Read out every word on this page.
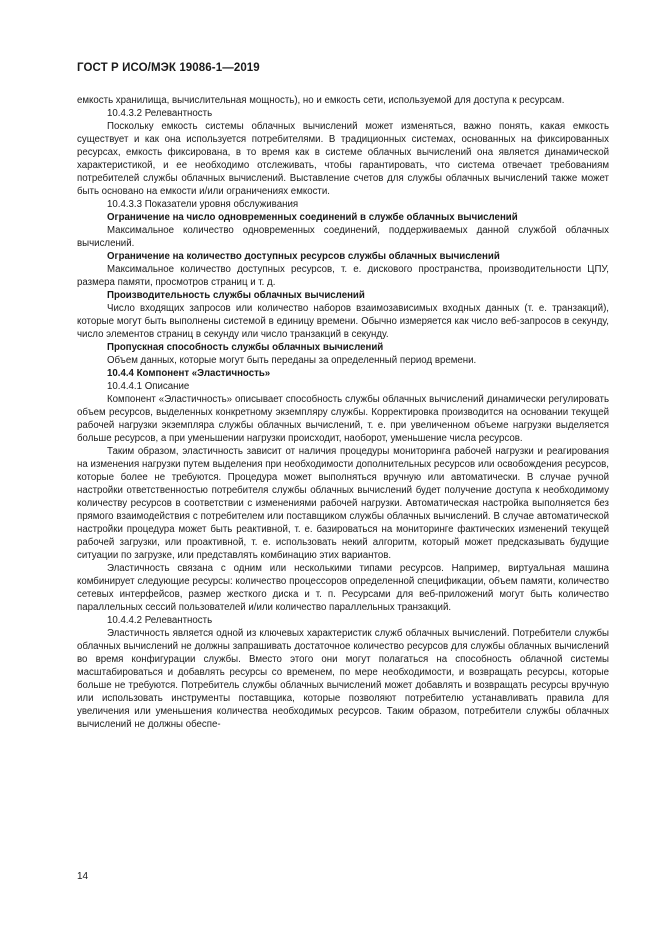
ГОСТ Р ИСО/МЭК 19086-1—2019

емкость хранилища, вычислительная мощность), но и емкость сети, используемой для доступа к ресурсам.

10.4.3.2 Релевантность

Поскольку емкость системы облачных вычислений может изменяться, важно понять, какая емкость существует и как она используется потребителями. В традиционных системах, основанных на фиксированных ресурсах, емкость фиксирована, в то время как в системе облачных вычислений она является динамической характеристикой, и ее необходимо отслеживать, чтобы гарантировать, что система отвечает требованиям потребителей службы облачных вычислений. Выставление счетов для службы облачных вычислений также может быть основано на емкости и/или ограничениях емкости.

10.4.3.3 Показатели уровня обслуживания

Ограничение на число одновременных соединений в службе облачных вычислений

Максимальное количество одновременных соединений, поддерживаемых данной службой облачных вычислений.

Ограничение на количество доступных ресурсов службы облачных вычислений

Максимальное количество доступных ресурсов, т. е. дискового пространства, производительности ЦПУ, размера памяти, просмотров страниц и т. д.

Производительность службы облачных вычислений

Число входящих запросов или количество наборов взаимозависимых входных данных (т. е. транзакций), которые могут быть выполнены системой в единицу времени. Обычно измеряется как число веб-запросов в секунду, число элементов страниц в секунду или число транзакций в секунду.

Пропускная способность службы облачных вычислений

Объем данных, которые могут быть переданы за определенный период времени.

10.4.4 Компонент «Эластичность»

10.4.4.1 Описание

Компонент «Эластичность» описывает способность службы облачных вычислений динамически регулировать объем ресурсов, выделенных конкретному экземпляру службы. Корректировка производится на основании текущей рабочей нагрузки экземпляра службы облачных вычислений, т. е. при увеличенном объеме нагрузки выделяется больше ресурсов, а при уменьшении нагрузки происходит, наоборот, уменьшение числа ресурсов.

Таким образом, эластичность зависит от наличия процедуры мониторинга рабочей нагрузки и реагирования на изменения нагрузки путем выделения при необходимости дополнительных ресурсов или освобождения ресурсов, которые более не требуются. Процедура может выполняться вручную или автоматически. В случае ручной настройки ответственностью потребителя службы облачных вычислений будет получение доступа к необходимому количеству ресурсов в соответствии с изменениями рабочей нагрузки. Автоматическая настройка выполняется без прямого взаимодействия с потребителем или поставщиком службы облачных вычислений. В случае автоматической настройки процедура может быть реактивной, т. е. базироваться на мониторинге фактических изменений текущей рабочей загрузки, или проактивной, т. е. использовать некий алгоритм, который может предсказывать будущие ситуации по загрузке, или представлять комбинацию этих вариантов.

Эластичность связана с одним или несколькими типами ресурсов. Например, виртуальная машина комбинирует следующие ресурсы: количество процессоров определенной спецификации, объем памяти, количество сетевых интерфейсов, размер жесткого диска и т. п. Ресурсами для веб-приложений могут быть количество параллельных сессий пользователей и/или количество параллельных транзакций.

10.4.4.2 Релевантность

Эластичность является одной из ключевых характеристик служб облачных вычислений. Потребители службы облачных вычислений не должны запрашивать достаточное количество ресурсов для службы облачных вычислений во время конфигурации службы. Вместо этого они могут полагаться на способность облачной системы масштабироваться и добавлять ресурсы со временем, по мере необходимости, и возвращать ресурсы, которые больше не требуются. Потребитель службы облачных вычислений может добавлять и возвращать ресурсы вручную или использовать инструменты поставщика, которые позволяют потребителю устанавливать правила для увеличения или уменьшения количества необходимых ресурсов. Таким образом, потребители службы облачных вычислений не должны обеспе-

14
